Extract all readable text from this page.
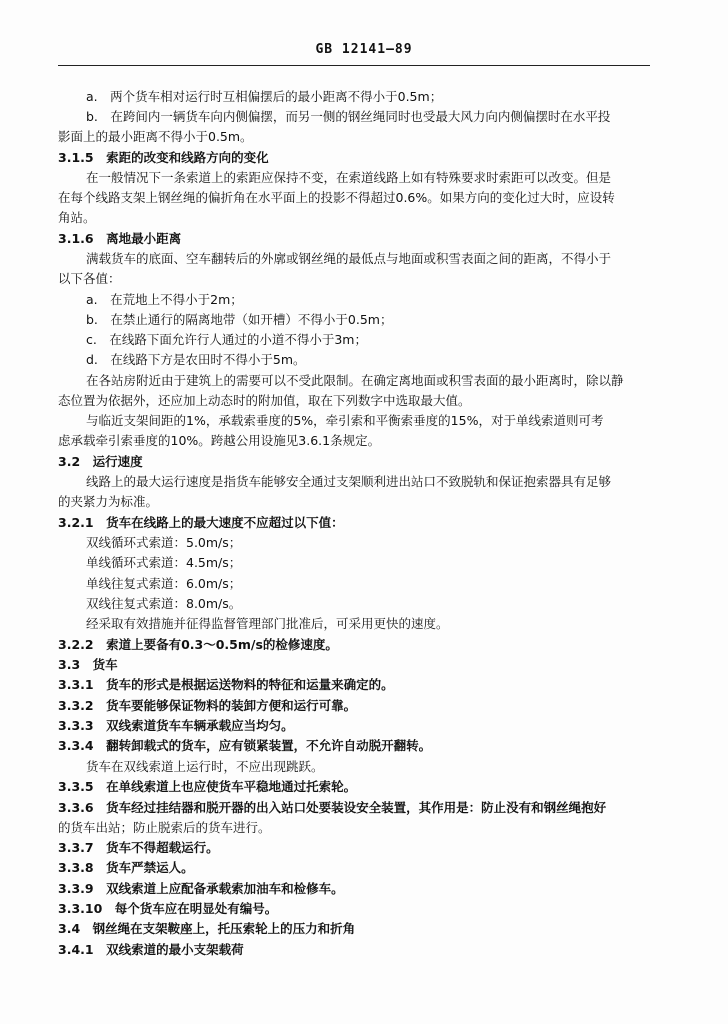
GB 12141—89
a.　两个货车相对运行时互相偏摆后的最小距离不得小于0.5m；
b.　在跨间内一辆货车向内侧偏摆，而另一侧的钢丝绳同时也受最大风力向内侧偏摆时在水平投
影面上的最小距离不得小于0.5m。
3.1.5　索距的改变和线路方向的变化
在一般情况下一条索道上的索距应保持不变，在索道线路上如有特殊要求时索距可以改变。但是
在每个线路支架上钢丝绳的偏折角在水平面上的投影不得超过0.6%。如果方向的变化过大时，应设转
角站。
3.1.6　离地最小距离
满载货车的底面、空车翻转后的外廓或钢丝绳的最低点与地面或积雪表面之间的距离，不得小于
以下各值：
a.　在荒地上不得小于2m；
b.　在禁止通行的隔离地带（如开槽）不得小于0.5m；
c.　在线路下面允许行人通过的小道不得小于3m；
d.　在线路下方是农田时不得小于5m。
在各站房附近由于建筑上的需要可以不受此限制。在确定离地面或积雪表面的最小距离时，除以静
态位置为依据外，还应加上动态时的附加值，取在下列数字中选取最大值。
与临近支架间距的1%，承载索垂度的5%，牵引索和平衡索垂度的15%，对于单线索道则可考
虑承载牵引索垂度的10%。跨越公用设施见3.6.1条规定。
3.2　运行速度
线路上的最大运行速度是指货车能够安全通过支架顺利进出站口不致脱轨和保证抱索器具有足够
的夹紧力为标准。
3.2.1　货车在线路上的最大速度不应超过以下值：
双线循环式索道：5.0m/s；
单线循环式索道：4.5m/s；
单线往复式索道：6.0m/s；
双线往复式索道：8.0m/s。
经采取有效措施并征得监督管理部门批准后，可采用更快的速度。
3.2.2　索道上要备有0.3～0.5m/s的检修速度。
3.3　货车
3.3.1　货车的形式是根据运送物料的特征和运量来确定的。
3.3.2　货车要能够保证物料的装卸方便和运行可靠。
3.3.3　双线索道货车车辆承载应当均匀。
3.3.4　翻转卸载式的货车，应有锁紧装置，不允许自动脱开翻转。
货车在双线索道上运行时，不应出现跳跃。
3.3.5　在单线索道上也应使货车平稳地通过托索轮。
3.3.6　货车经过挂结器和脱开器的出入站口处要装设安全装置，其作用是：防止没有和钢丝绳抱好
的货车出站；防止脱索后的货车进行。
3.3.7　货车不得超载运行。
3.3.8　货车严禁运人。
3.3.9　双线索道上应配备承载索加油车和检修车。
3.3.10　每个货车应在明显处有编号。
3.4　钢丝绳在支架鞍座上，托压索轮上的压力和折角
3.4.1　双线索道的最小支架载荷
